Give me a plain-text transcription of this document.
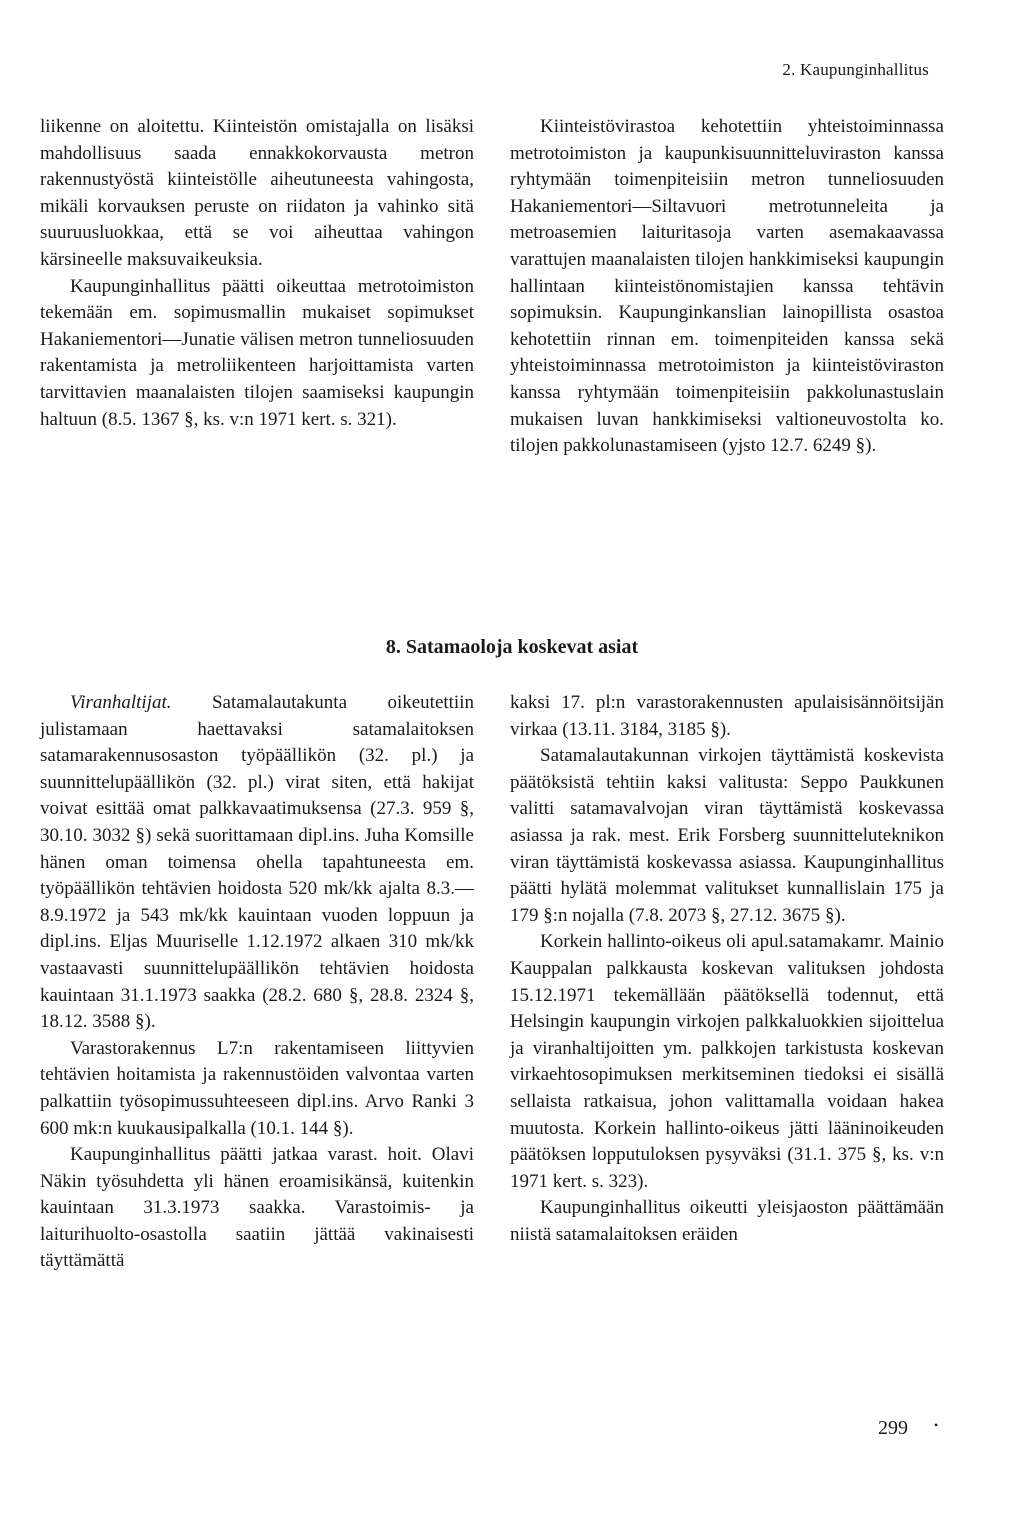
2. Kaupunginhallitus

liikenne on aloitettu. Kiinteistön omistajalla on lisäksi mahdollisuus saada ennakkokorvausta metron rakennustyöstä kiinteistölle aiheutuneesta vahingosta, mikäli korvauksen peruste on riidaton ja vahinko sitä suuruusluokkaa, että se voi aiheuttaa vahingon kärsineelle maksuvaikeuksia.

Kaupunginhallitus päätti oikeuttaa metrotoimiston tekemään em. sopimusmallin mukaiset sopimukset Hakaniementori—Junatie välisen metron tunneliosuuden rakentamista ja metroliikenteen harjoittamista varten tarvittavien maanalaisten tilojen saamiseksi kaupungin haltuun (8.5. 1367 §, ks. v:n 1971 kert. s. 321).

Kiinteistövirastoa kehotettiin yhteistoiminnassa metrotoimiston ja kaupunkisuunnitteluviraston kanssa ryhtymään toimenpiteisiin metron tunneliosuuden Hakaniementori—Siltavuori metrotunneleita ja metroasemien laituritasoja varten asemakaavassa varattujen maanalaisten tilojen hankkimiseksi kaupungin hallintaan kiinteistönomistajien kanssa tehtävin sopimuksin. Kaupunginkanslian lainopillista osastoa kehotettiin rinnan em. toimenpiteiden kanssa sekä yhteistoiminnassa metrotoimiston ja kiinteistöviraston kanssa ryhtymään toimenpiteisiin pakkolunastuslain mukaisen luvan hankkimiseksi valtioneuvostolta ko. tilojen pakkolunastamiseen (yjsto 12.7. 6249 §).

8. Satamaoloja koskevat asiat

Viranhaltijat. Satamalautakunta oikeutettiin julistamaan haettavaksi satamalaitoksen satamarakennusosaston työpäällikön (32. pl.) ja suunnittelupäällikön (32. pl.) virat siten, että hakijat voivat esittää omat palkkavaatimuksensa (27.3. 959 §, 30.10. 3032 §) sekä suorittamaan dipl.ins. Juha Komsille hänen oman toimensa ohella tapahtuneesta em. työpäällikön tehtävien hoidosta 520 mk/kk ajalta 8.3.—8.9.1972 ja 543 mk/kk kauintaan vuoden loppuun ja dipl.ins. Eljas Muuriselle 1.12.1972 alkaen 310 mk/kk vastaavasti suunnittelupäällikön tehtävien hoidosta kauintaan 31.1.1973 saakka (28.2. 680 §, 28.8. 2324 §, 18.12. 3588 §).

Varastorakennus L7:n rakentamiseen liittyvien tehtävien hoitamista ja rakennustöiden valvontaa varten palkattiin työsopimussuhteeseen dipl.ins. Arvo Ranki 3 600 mk:n kuukausipalkalla (10.1. 144 §).

Kaupunginhallitus päätti jatkaa varast. hoit. Olavi Näkin työsuhdetta yli hänen eroamisikänsä, kuitenkin kauintaan 31.3.1973 saakka. Varastoimis- ja laiturihuolto-osastolla saatiin jättää vakinaisesti täyttämättä

kaksi 17. pl:n varastorakennusten apulaisisännöitsijän virkaa (13.11. 3184, 3185 §).

Satamalautakunnan virkojen täyttämistä koskevista päätöksistä tehtiin kaksi valitusta: Seppo Paukkunen valitti satamavalvojan viran täyttämistä koskevassa asiassa ja rak. mest. Erik Forsberg suunnitteluteknikon viran täyttämistä koskevassa asiassa. Kaupunginhallitus päätti hylätä molemmat valitukset kunnallislain 175 ja 179 §:n nojalla (7.8. 2073 §, 27.12. 3675 §).

Korkein hallinto-oikeus oli apul.satamakamr. Mainio Kauppalan palkkausta koskevan valituksen johdosta 15.12.1971 tekemällään päätöksellä todennut, että Helsingin kaupungin virkojen palkkaluokkien sijoittelua ja viranhaltijoitten ym. palkkojen tarkistusta koskevan virkaehtosopimuksen merkitseminen tiedoksi ei sisällä sellaista ratkaisua, johon valittamalla voidaan hakea muutosta. Korkein hallinto-oikeus jätti lääninoikeuden päätöksen lopputuloksen pysyväksi (31.1. 375 §, ks. v:n 1971 kert. s. 323).

Kaupunginhallitus oikeutti yleisjaoston päättämään niistä satamalaitoksen eräiden

299 •
